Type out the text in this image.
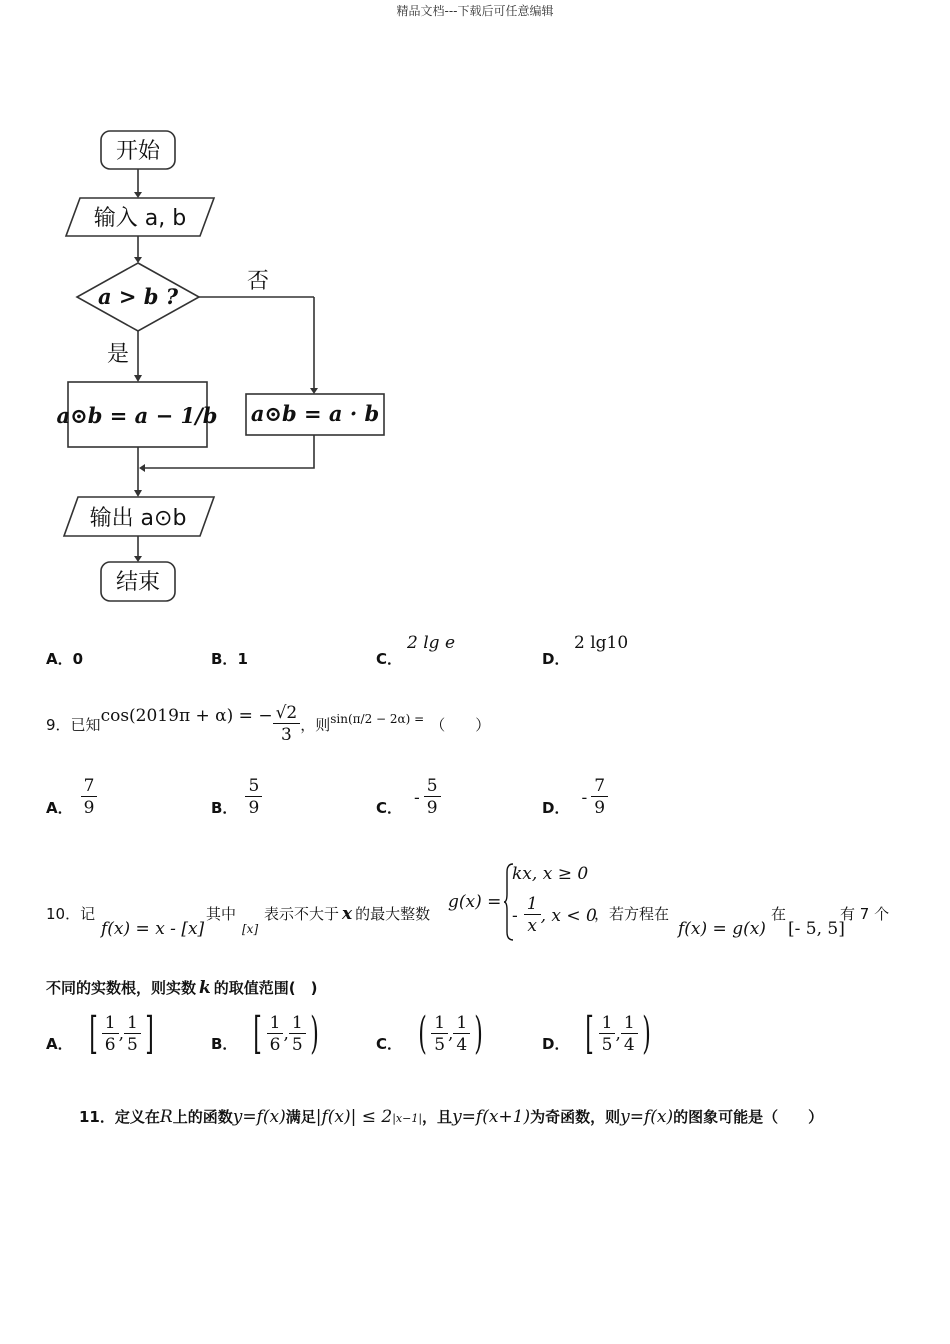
精品文档---下载后可任意编辑
开始
输入 a, b
a > b ?
否
是
a⊙b = a − 1/b a⊙b = a · b
输出 a⊙b
结束
A．0	B．1	C．
2 lg e
D．
2 lg10
9． 已知 cos(2019π + α) = − $\frac{√2}{3}$ ，则 sin(π/2 − 2α) = （　　）
A． $\frac{7}{9}$	B． $\frac{5}{9}$	C．
- $\frac{5}{9}$	D．
- $\frac{7}{9}$
10．记
f(x) = x - [x]
其中
[x]
表示不大于 x 的最大整数
g(x) =
kx, x ≥ 0
- $\frac{1}{x}$ , x < 0
，若方程在
f(x) = g(x)
在
[- 5, 5]
有 7 个
不同的实数根，则实数 k 的取值范围(　)
A． [ $\frac{1}{6}$ , $\frac{1}{5}$ ]	B． [ $\frac{1}{6}$ , $\frac{1}{5}$ )	C． ( $\frac{1}{5}$ , $\frac{1}{4}$ )	D． [ $\frac{1}{5}$ , $\frac{1}{4}$ )
11． 定义在 R 上的函数 y=f(x) 满足 |f(x)| ≤ 2 |x−1| ，且 y=f(x+1) 为奇函数，则 y=f(x) 的图象可能是（　　）
